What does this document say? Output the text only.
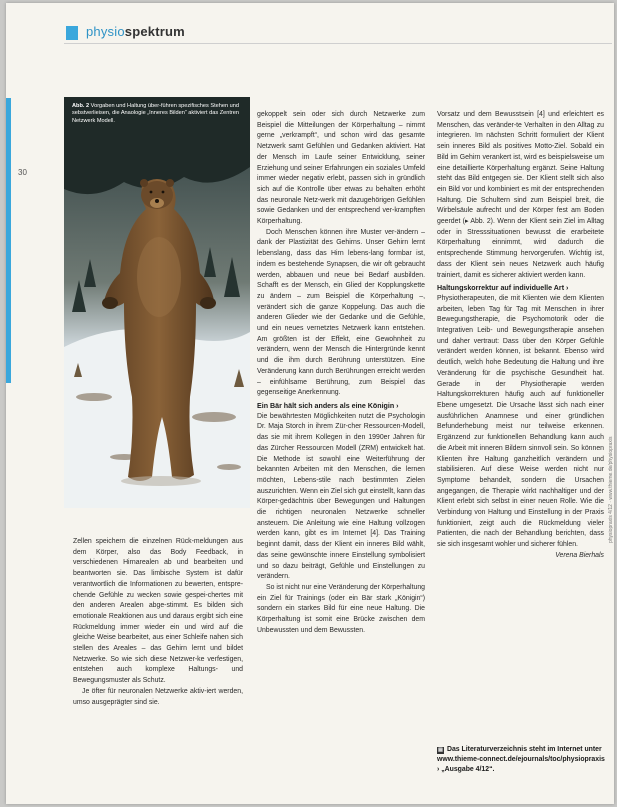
physiospektrum
30
Abb. 2 Vorgaben und Haltung über-führen spezifisches Stehen und sebstverlieisen, die Anaologie „Inneres Bilden“ aktiviert das Zentren Netzwerk Modell.

Zellen speichern die einzelnen Rück-meldungen aus dem Körper, also das Body Feedback, in verschiedenen Hirnarealen ab und bearbeiten und beantworten sie. Das limbische System ist dafür verantwortlich die Informationen zu bewerten, entspre-chende Gefühle zu wecken sowie gespei-chertes mit den anderen Arealen abge-stimmt. Es bilden sich emotionale Reaktionen aus und daraus ergibt sich eine Rückmeldung immer wieder ein und wird auf die gleiche Weise bearbeitet, aus einer Schleife nahen sich stellen des Areales – das Gehirn lernt und bildet Netzwerke. So wie sich diese Netzwer-ke verfestigen, entstehen auch komplexe Haltungs- und Bewegungsmuster als Schutz.

Je öfter für neuronalen Netzwerke aktiv-iert werden, umso ausgeprägter sind sie.

gekoppelt sein oder sich durch Netzwerke zum Beispiel die Mitteilungen der Körperhaltung – nimmt gerne „verkrampft“, und schon wird das gesamte Netzwerk samt Gefühlen und Gedanken aktiviert. Hat der Mensch im Laufe seiner Entwicklung, seiner Erziehung und seiner Erfahrungen ein soziales Umfeld immer wieder negativ erlebt, passen sich in gründlich sich auf die Kontrolle über etwas zu behalten erhöht das neuronale Netz-werk mit dazugehörigen Gefühlen sowie Gedanken und der entsprechend ver-krampften Körperhaltung.

Doch Menschen können ihre Muster ver-ändern – dank der Plastizität des Gehirns. Unser Gehirn lernt lebenslang, dass das Hirn lebens-lang formbar ist, indem es bestehende Synapsen, die wir oft gebraucht werden, abbauen und neue bei Bedarf ausbilden. Schafft es der Mensch, ein Glied der Kopplungskette zu ändern – zum Beispiel die Körperhaltung –, verändert sich die ganze Koppelung. Das auch die anderen Glieder wie der Gedanke und die Gefühle, und ein neues vernetztes Netzwerk kann entstehen. Am größten ist der Effekt, eine Gewohnheit zu verändern, wenn der Mensch die Hintergründe kennt und die ihm durch Berührung unterstützen. Eine Veränderung kann durch Berührungen erreicht werden – einfühlsame Berührung, zum Beispiel das gegenseitige Anerkennung.

Ein Bär hält sich anders als eine Königin ›

Die bewährtesten Möglichkeiten nutzt die Psychologin Dr. Maja Storch in ihrem Zür-cher Ressourcen-Modell, das sie mit ihrem Kollegen in den 1990er Jahren für das Zürcher Ressourcen Modell (ZRM) entwickelt hat. Die Methode ist sowohl eine Weiterführung der bekannten Arbeiten mit den Menschen, die lernen möchten, Lebens-stile nach bestimmten Zielen auszurichten. Wenn ein Ziel sich gut einstellt, kann das Körper-gedächtnis über Bewegungen und Haltungen die richtigen neuronalen Netzwerke schneller ansteuern. Die Anleitung wie eine Haltung vollzogen werden kann, gibt es im Internet [4]. Das Training beginnt damit, dass der Klient ein inneres Bild wählt, das seine gewünschte innere Einstellung symbolisiert und so dazu beiträgt, Gefühle und Einstellungen zu verändern.

So ist nicht nur eine Veränderung der Körperhaltung ein Ziel für Trainings (oder ein Bär stark „Königin“) sondern ein starkes Bild für eine neue Haltung. Die Körperhaltung ist somit eine Brücke zwischen dem Unbewussten und dem Bewussten.

Vorsatz und dem Bewusstsein [4] und erleichtert es Menschen, das veränder-te Verhalten in den Alltag zu integrieren. Im nächsten Schritt formuliert der Klient sein inneres Bild als positives Motto-Ziel. Sobald ein Bild im Gehirn verankert ist, wird es beispielsweise um eine detaillierte Körperhaltung ergänzt. Seine Haltung steht das Bild entgegen sie. Der Klient stellt sich also ein Bild vor und kombiniert es mit der entsprechenden Haltung. Die Schultern sind zum Beispiel breit, die Wirbelsäule aufrecht und der Körper fest am Boden geerdet (▸ Abb. 2). Wenn der Klient sein Ziel im Alltag oder in Stresssituationen bewusst die erarbeitete Körperhaltung einnimmt, wird dadurch die entsprechende Stimmung hervorgerufen. Wichtig ist, dass der Klient sein neues Netzwerk auch häufig trainiert, damit es sicherer aktiviert werden kann.

Haltungskorrektur auf individuelle Art ›

Physiotherapeuten, die mit Klienten wie dem Klienten arbeiten, leben Tag für Tag mit Menschen in ihrer Bewegungstherapie, die Psychomotorik oder die Integrativen Leib- und Bewegungstherapie ansehen und daher vertraut: Dass über den Körper Gefühle verändert werden können, ist bekannt. Ebenso wird deutlich, welch hohe Bedeutung die Haltung und ihre Veränderung für die psychische Gesundheit hat. Gerade in der Physiotherapie werden Haltungskorrekturen häufig auch auf funktioneller Ebene umgesetzt. Die Ursache lässt sich nach einer ausführlichen Anamnese und einer gründlichen Befunderhebung meist nur teilweise erkennen. Ergänzend zur funktionellen Behandlung kann auch die Arbeit mit inneren Bildern sinnvoll sein. So können Klienten ihre Haltung ganzheitlich verändern und stabilisieren. Auf diese Weise werden nicht nur Symptome behandelt, sondern die Ursachen angegangen, die Therapie wirkt nachhaltiger und der Klient erlebt sich selbst in einer neuen Rolle. Wie die Verbindung von Haltung und Einstellung in der Praxis funktioniert, zeigt auch die Rückmeldung vieler Patienten, die nach der Behandlung berichten, dass sie sich insgesamt wohler und sicherer fühlen.

Verena Bierhals
▤ Das Literaturverzeichnis steht im Internet unter www.thieme-connect.de/ejournals/toc/physiopraxis › „Ausgabe 4/12“.
physiopraxis 4/12 · www.thieme.de/physiopraxis
